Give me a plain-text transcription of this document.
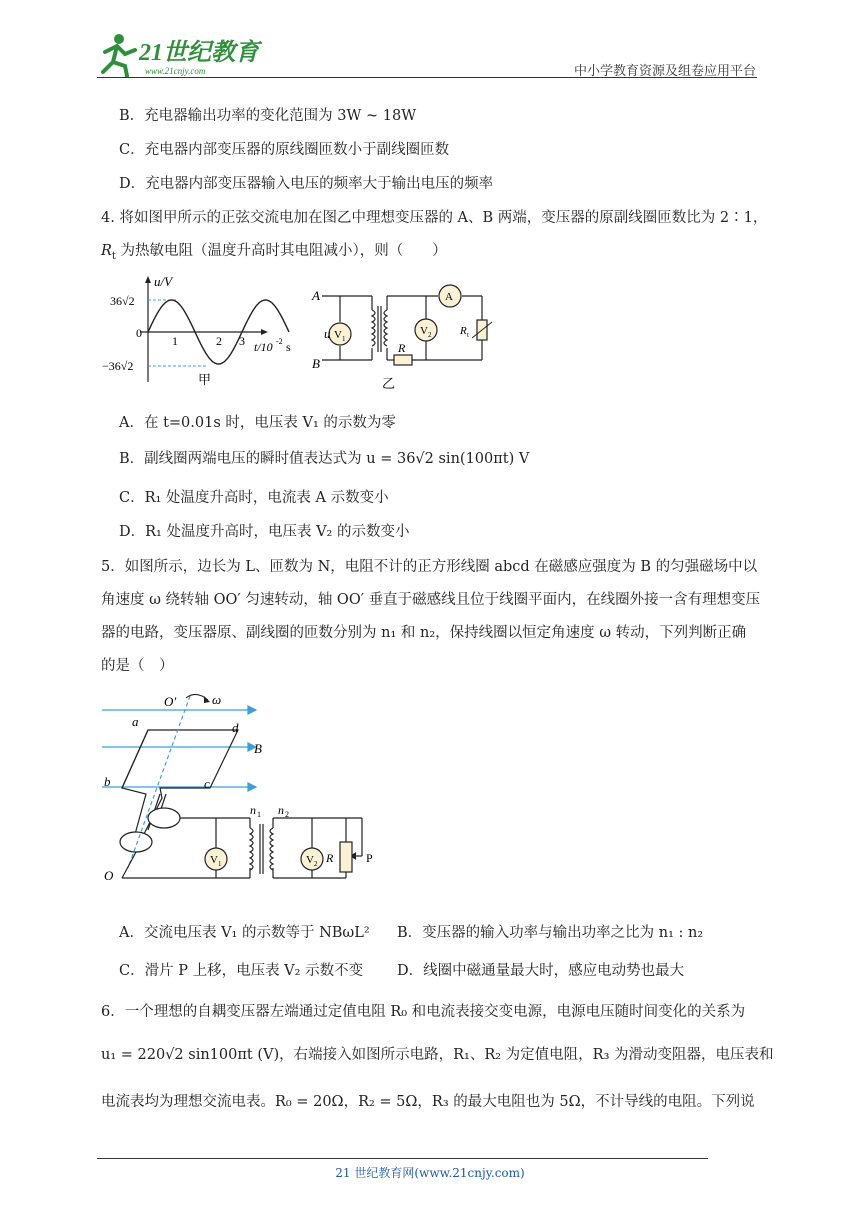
21世纪教育
www.21cnjy.com	中小学教育资源及组卷应用平台
B．充电器输出功率的变化范围为 3W ~ 18W
C．充电器内部变压器的原线圈匝数小于副线圈匝数
D．充电器内部变压器输入电压的频率大于输出电压的频率
4. 将如图甲所示的正弦交流电加在图乙中理想变压器的 A、B 两端，变压器的原副线圈匝数比为 2∶1，
$R_t$ 为热敏电阻（温度升高时其电阻减小），则（　　）
u/V
36√2
0
−36√2
1	2 3 t/10 -2 s
甲
A
B
u V 1
V 2
A
R
R t
乙
A．在 t=0.01s 时，电压表 V₁ 的示数为零
B．副线圈两端电压的瞬时值表达式为 u = 36√2 sin(100πt) V
C．R₁ 处温度升高时，电流表 A 示数变小
D．R₁ 处温度升高时，电压表 V₂ 的示数变小
5．如图所示，边长为 L、匝数为 N，电阻不计的正方形线圈 abcd 在磁感应强度为 B 的匀强磁场中以
角速度 ω 绕转轴 OO′ 匀速转动，轴 OO′ 垂直于磁感线且位于线圈平面内，在线圈外接一含有理想变压
器的电路，变压器原、副线圈的匝数分别为 n₁ 和 n₂，保持线圈以恒定角速度 ω 转动，下列判断正确
的是（　）
O′	ω
a	d
B
b	c
O
n 1 n 2
V 1	V 2 R	P
A．交流电压表 V₁ 的示数等于 NBωL² B．变压器的输入功率与输出功率之比为 n₁ : n₂
C．滑片 P 上移，电压表 V₂ 示数不变 D．线圈中磁通量最大时，感应电动势也最大
6．一个理想的自耦变压器左端通过定值电阻 R₀ 和电流表接交变电源，电源电压随时间变化的关系为
u₁ = 220√2 sin100πt (V)，右端接入如图所示电路，R₁、R₂ 为定值电阻，R₃ 为滑动变阻器，电压表和
电流表均为理想交流电表。R₀ = 20Ω，R₂ = 5Ω，R₃ 的最大电阻也为 5Ω，不计导线的电阻。下列说
21 世纪教育网(www.21cnjy.com)
